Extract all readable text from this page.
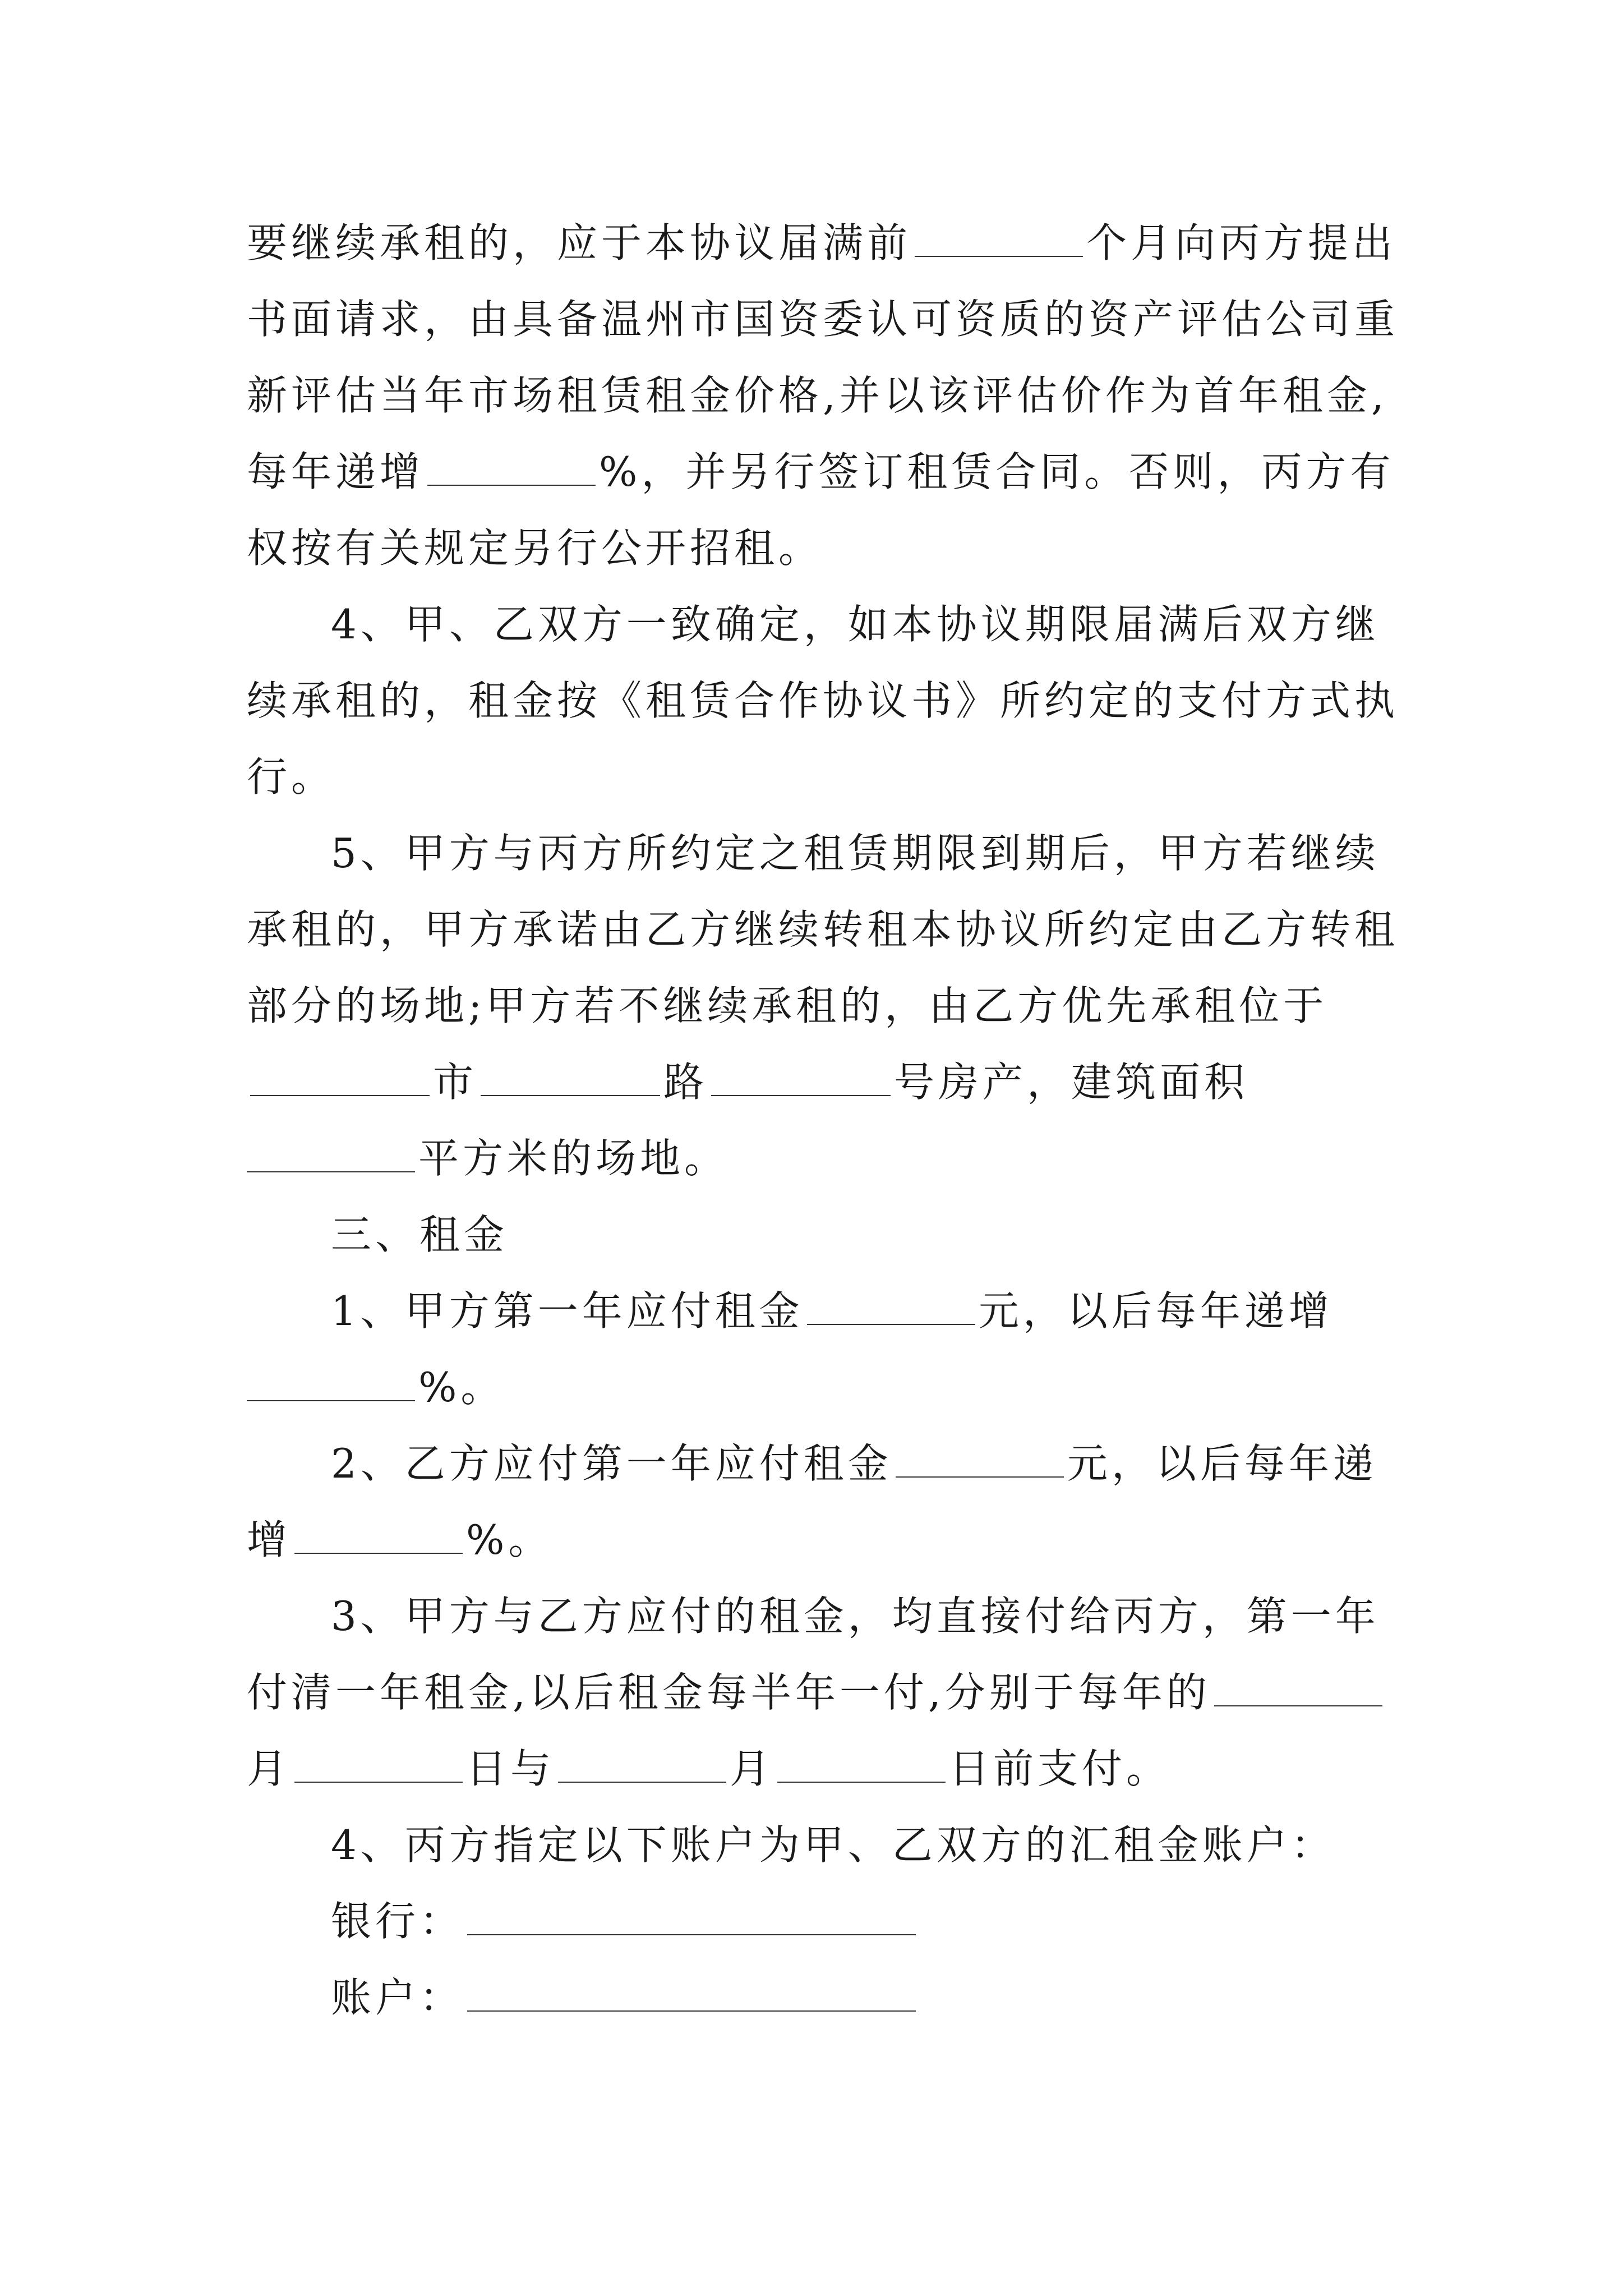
要继续承租的，应于本协议届满前	个月向丙方提出
书面请求，由具备温州市国资委认可资质的资产评估公司重
新评估当年市场租赁租金价格,并以该评估价作为首年租金,
每年递增	%，并另行签订租赁合同。否则，丙方有
权按有关规定另行公开招租。
4、甲、乙双方一致确定，如本协议期限届满后双方继
续承租的，租金按《租赁合作协议书》所约定的支付方式执
行。
5、甲方与丙方所约定之租赁期限到期后，甲方若继续
承租的，甲方承诺由乙方继续转租本协议所约定由乙方转租
部分的场地;甲方若不继续承租的，由乙方优先承租位于
市	路	号房产，建筑面积
平方米的场地。
三、租金
1、甲方第一年应付租金	元，以后每年递增
%。
2、乙方应付第一年应付租金	元，以后每年递
增	%。
3、甲方与乙方应付的租金，均直接付给丙方，第一年
付清一年租金,以后租金每半年一付,分别于每年的
月	日与	月	日前支付。
4、丙方指定以下账户为甲、乙双方的汇租金账户：
银行：
账户：
